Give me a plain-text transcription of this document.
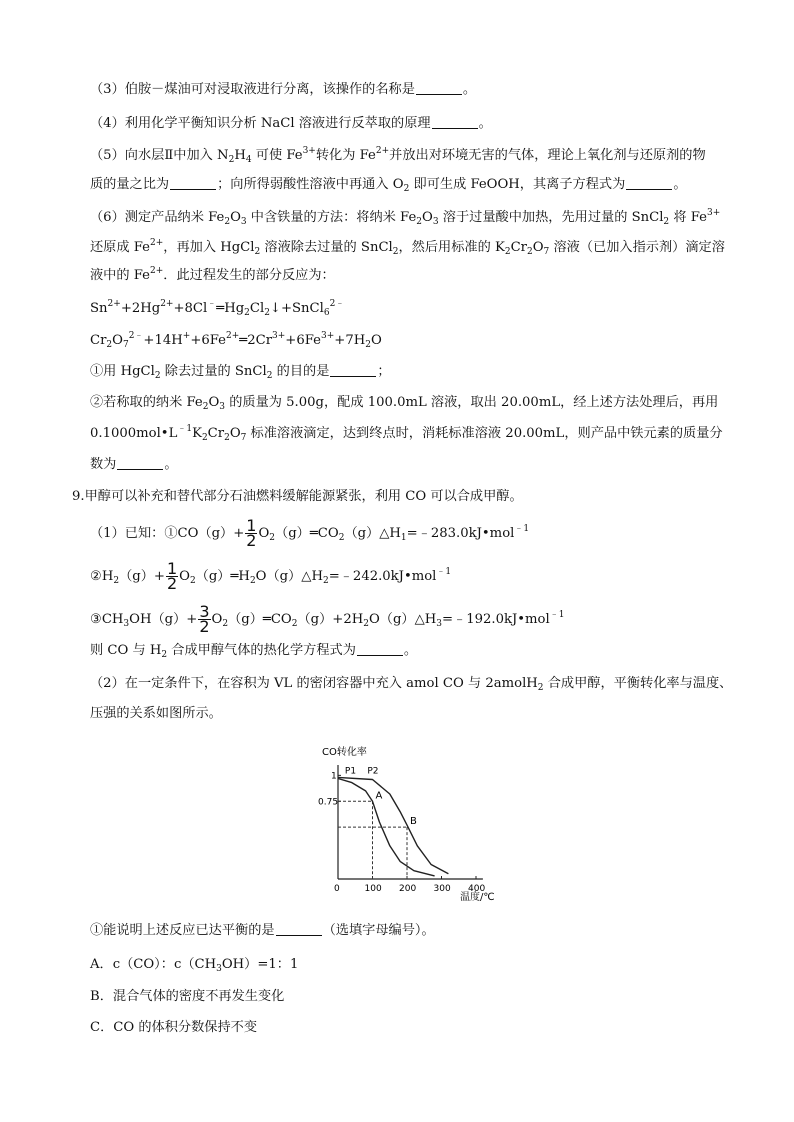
（3）伯胺－煤油可对浸取液进行分离，该操作的名称是	。
（4）利用化学平衡知识分析 NaCl 溶液进行反萃取的原理	。
（5）向水层Ⅱ中加入 $N_2H_4$ 可使 $Fe^{3+}$转化为 $Fe^{2+}$并放出对环境无害的气体，理论上氧化剂与还原剂的物
质的量之比为	；向所得弱酸性溶液中再通入 $O_2$ 即可生成 FeOOH，其离子方程式为	。
（6）测定产品纳米 $Fe_2O_3$ 中含铁量的方法：将纳米 $Fe_2O_3$ 溶于过量酸中加热，先用过量的 SnCl$_2$ 将 $Fe^{3+}$
还原成 $Fe^{2+}$，再加入 HgCl$_2$ 溶液除去过量的 SnCl$_2$，然后用标准的 $K_2Cr_2O_7$ 溶液（已加入指示剂）滴定溶
液中的 $Fe^{2+}$．此过程发生的部分反应为：
$Sn^{2+}+2Hg^{2+}+8Cl^﹣═Hg_2Cl_2↓+SnCl_6^{2﹣}$
$Cr_2O_7^{2﹣}+14H^++6Fe^{2+}═2Cr^{3+}+6Fe^{3+}+7H_2O$
①用 HgCl$_2$ 除去过量的 SnCl$_2$ 的目的是	；
②若称取的纳米 $Fe_2O_3$ 的质量为 5.00g，配成 100.0mL 溶液，取出 20.00mL，经上述方法处理后，再用
$0.1000mol•L^{﹣1}K_2Cr_2O_7$ 标准溶液滴定，达到终点时，消耗标准溶液 20.00mL，则产品中铁元素的质量分
数为	。
9.甲醇可以补充和替代部分石油燃料缓解能源紧张，利用 CO 可以合成甲醇。
（1）已知：①CO（g）+ $\frac{1}{2}$ $O_2(g)═CO_2(g)\triangle H_1=﹣283.0kJ•mol^{﹣1}$
$②H_2(g)+ \frac{1}{2}$ $O_2(g)═H_2O(g)\triangle H_2=﹣242.0kJ•mol^{﹣1}$
$③CH_3OH(g)+ \frac{3}{2}$ $O_2(g)═CO_2(g)+2H_2O(g)\triangle H_3=﹣192.0kJ•mol^{﹣1}$
则 CO 与 $H_2$ 合成甲醇气体的热化学方程式为	。
（2）在一定条件下，在容积为 VL 的密闭容器中充入 amol CO 与 2amolH$_2$ 合成甲醇，平衡转化率与温度、
压强的关系如图所示。
CO转化率
0	100 200 300 400
1
0.75
P1 P2
A
B
温度/℃
①能说明上述反应已达平衡的是	（选填字母编号）。
A．c（CO）：$c(CH_3OH)=1$：1
B．混合气体的密度不再发生变化
C．CO 的体积分数保持不变
